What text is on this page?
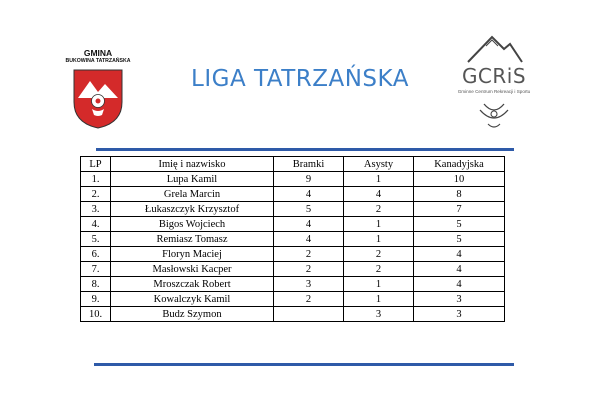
GMINA
BUKOWINA TATRZAŃSKA
LIGA TATRZAŃSKA	GCRiS
Gminne Centrum Rekreacji i Sportu
LP	Imię i nazwisko	Bramki	Asysty	Kanadyjska
1.	Lupa Kamil	9	1	10
2.	Grela Marcin	4	4	8
3.	Łukaszczyk Krzysztof	5	2	7
4.	Bigos Wojciech	4	1	5
5.	Remiasz Tomasz	4	1	5
6.	Floryn Maciej	2	2	4
7.	Masłowski Kacper	2	2	4
8.	Mroszczak Robert	3	1	4
9.	Kowalczyk Kamil	2	1	3
10.	Budz Szymon		3	3
